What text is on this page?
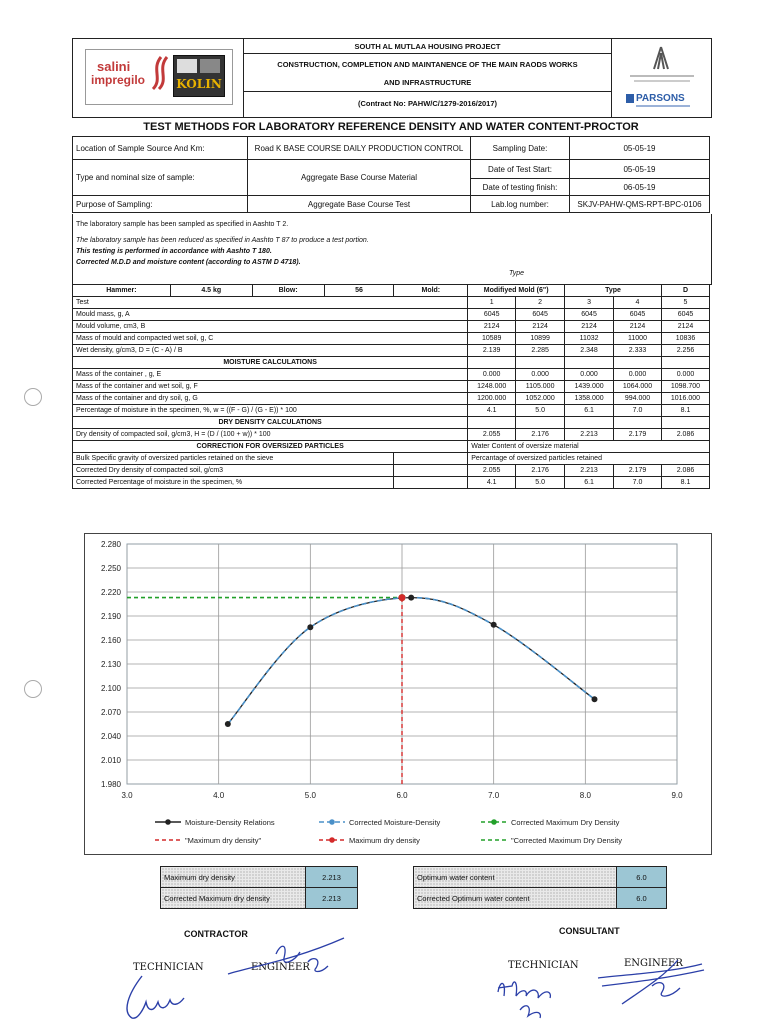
salini
impregilo	KOLIN
SOUTH AL MUTLAA HOUSING PROJECT
CONSTRUCTION, COMPLETION AND MAINTANENCE OF THE MAIN RAODS WORKS
AND INFRASTRUCTURE
(Contract No: PAHW/C/1279-2016/2017)	PARSONS
TEST METHODS FOR LABORATORY REFERENCE DENSITY AND WATER CONTENT-PROCTOR
Location of Sample Source And Km:	Road K BASE COURSE DAILY PRODUCTION CONTROL	Sampling Date:	05-05-19
Type and nominal size of sample:	Aggregate Base Course Material	Date of Test Start:	05-05-19
		Date of testing finish:	06-05-19
Purpose of Sampling:	Aggregate Base Course Test	Lab.log number:	SKJV-PAHW-QMS-RPT-BPC-0106
The laboratory sample has been sampled as specified in Aashto T 2.
The laboratory sample has been reduced as specified in Aashto T 87 to produce a test portion.
This testing is performed in accordance with Aashto T 180.
Corrected M.D.D and moisture content (according to ASTM D 4718).
Type
Hammer:	4.5 kg	Blow:	56	Mold:	Modifiyed Mold (6")		Type		D
Test					1	2	3	4	5
Mould mass, g, A					6045	6045	6045	6045	6045
Mould volume, cm3, B					2124	2124	2124	2124	2124
Mass of mould and compacted wet soil, g, C					10589	10899	11032	11000	10836
Wet density, g/cm3, D = (C - A) / B					2.139	2.285	2.348	2.333	2.256
MOISTURE CALCULATIONS									
Mass of the container , g, E					0.000	0.000	0.000	0.000	0.000
Mass of the container and wet soil, g, F					1248.000	1105.000	1439.000	1064.000	1098.700
Mass of the container and dry soil, g, G					1200.000	1052.000	1358.000	994.000	1016.000
Percentage of moisture in the specimen, %, w = ((F - G) / (G - E)) * 100					4.1	5.0	6.1	7.0	8.1
DRY DENSITY CALCULATIONS									
Dry density of compacted soil, g/cm3, H = (D / (100 + w)) * 100					2.055	2.176	2.213	2.179	2.086
CORRECTION FOR OVERSIZED PARTICLES					Water Content of oversize material				
Bulk Specific gravity of oversized particles retained on the sieve					Percantage of oversized particles retained				
Corrected Dry density of compacted soil, g/cm3					2.055	2.176	2.213	2.179	2.086
Corrected Percentage of moisture in the specimen, %					4.1	5.0	6.1	7.0	8.1
2.280
2.250
2.220
2.190
2.160
2.130
2.100
2.070
2.040
2.010
1.980
3.0	4.0	5.0	6.0	7.0	8.0	9.0
Moisture-Density Relations	Corrected Moisture-Density	Corrected Maximum Dry Density
"Maximum dry density"	Maximum dry density	"Corrected Maximum Dry Density
Maximum dry density	2.213
Corrected Maximum dry density	2.213
Optimum water content	6.0
Corrected Optimum water content	6.0
CONTRACTOR	CONSULTANT
TECHNICIAN	ENGINEER	TECHNICIAN	ENGINEER
